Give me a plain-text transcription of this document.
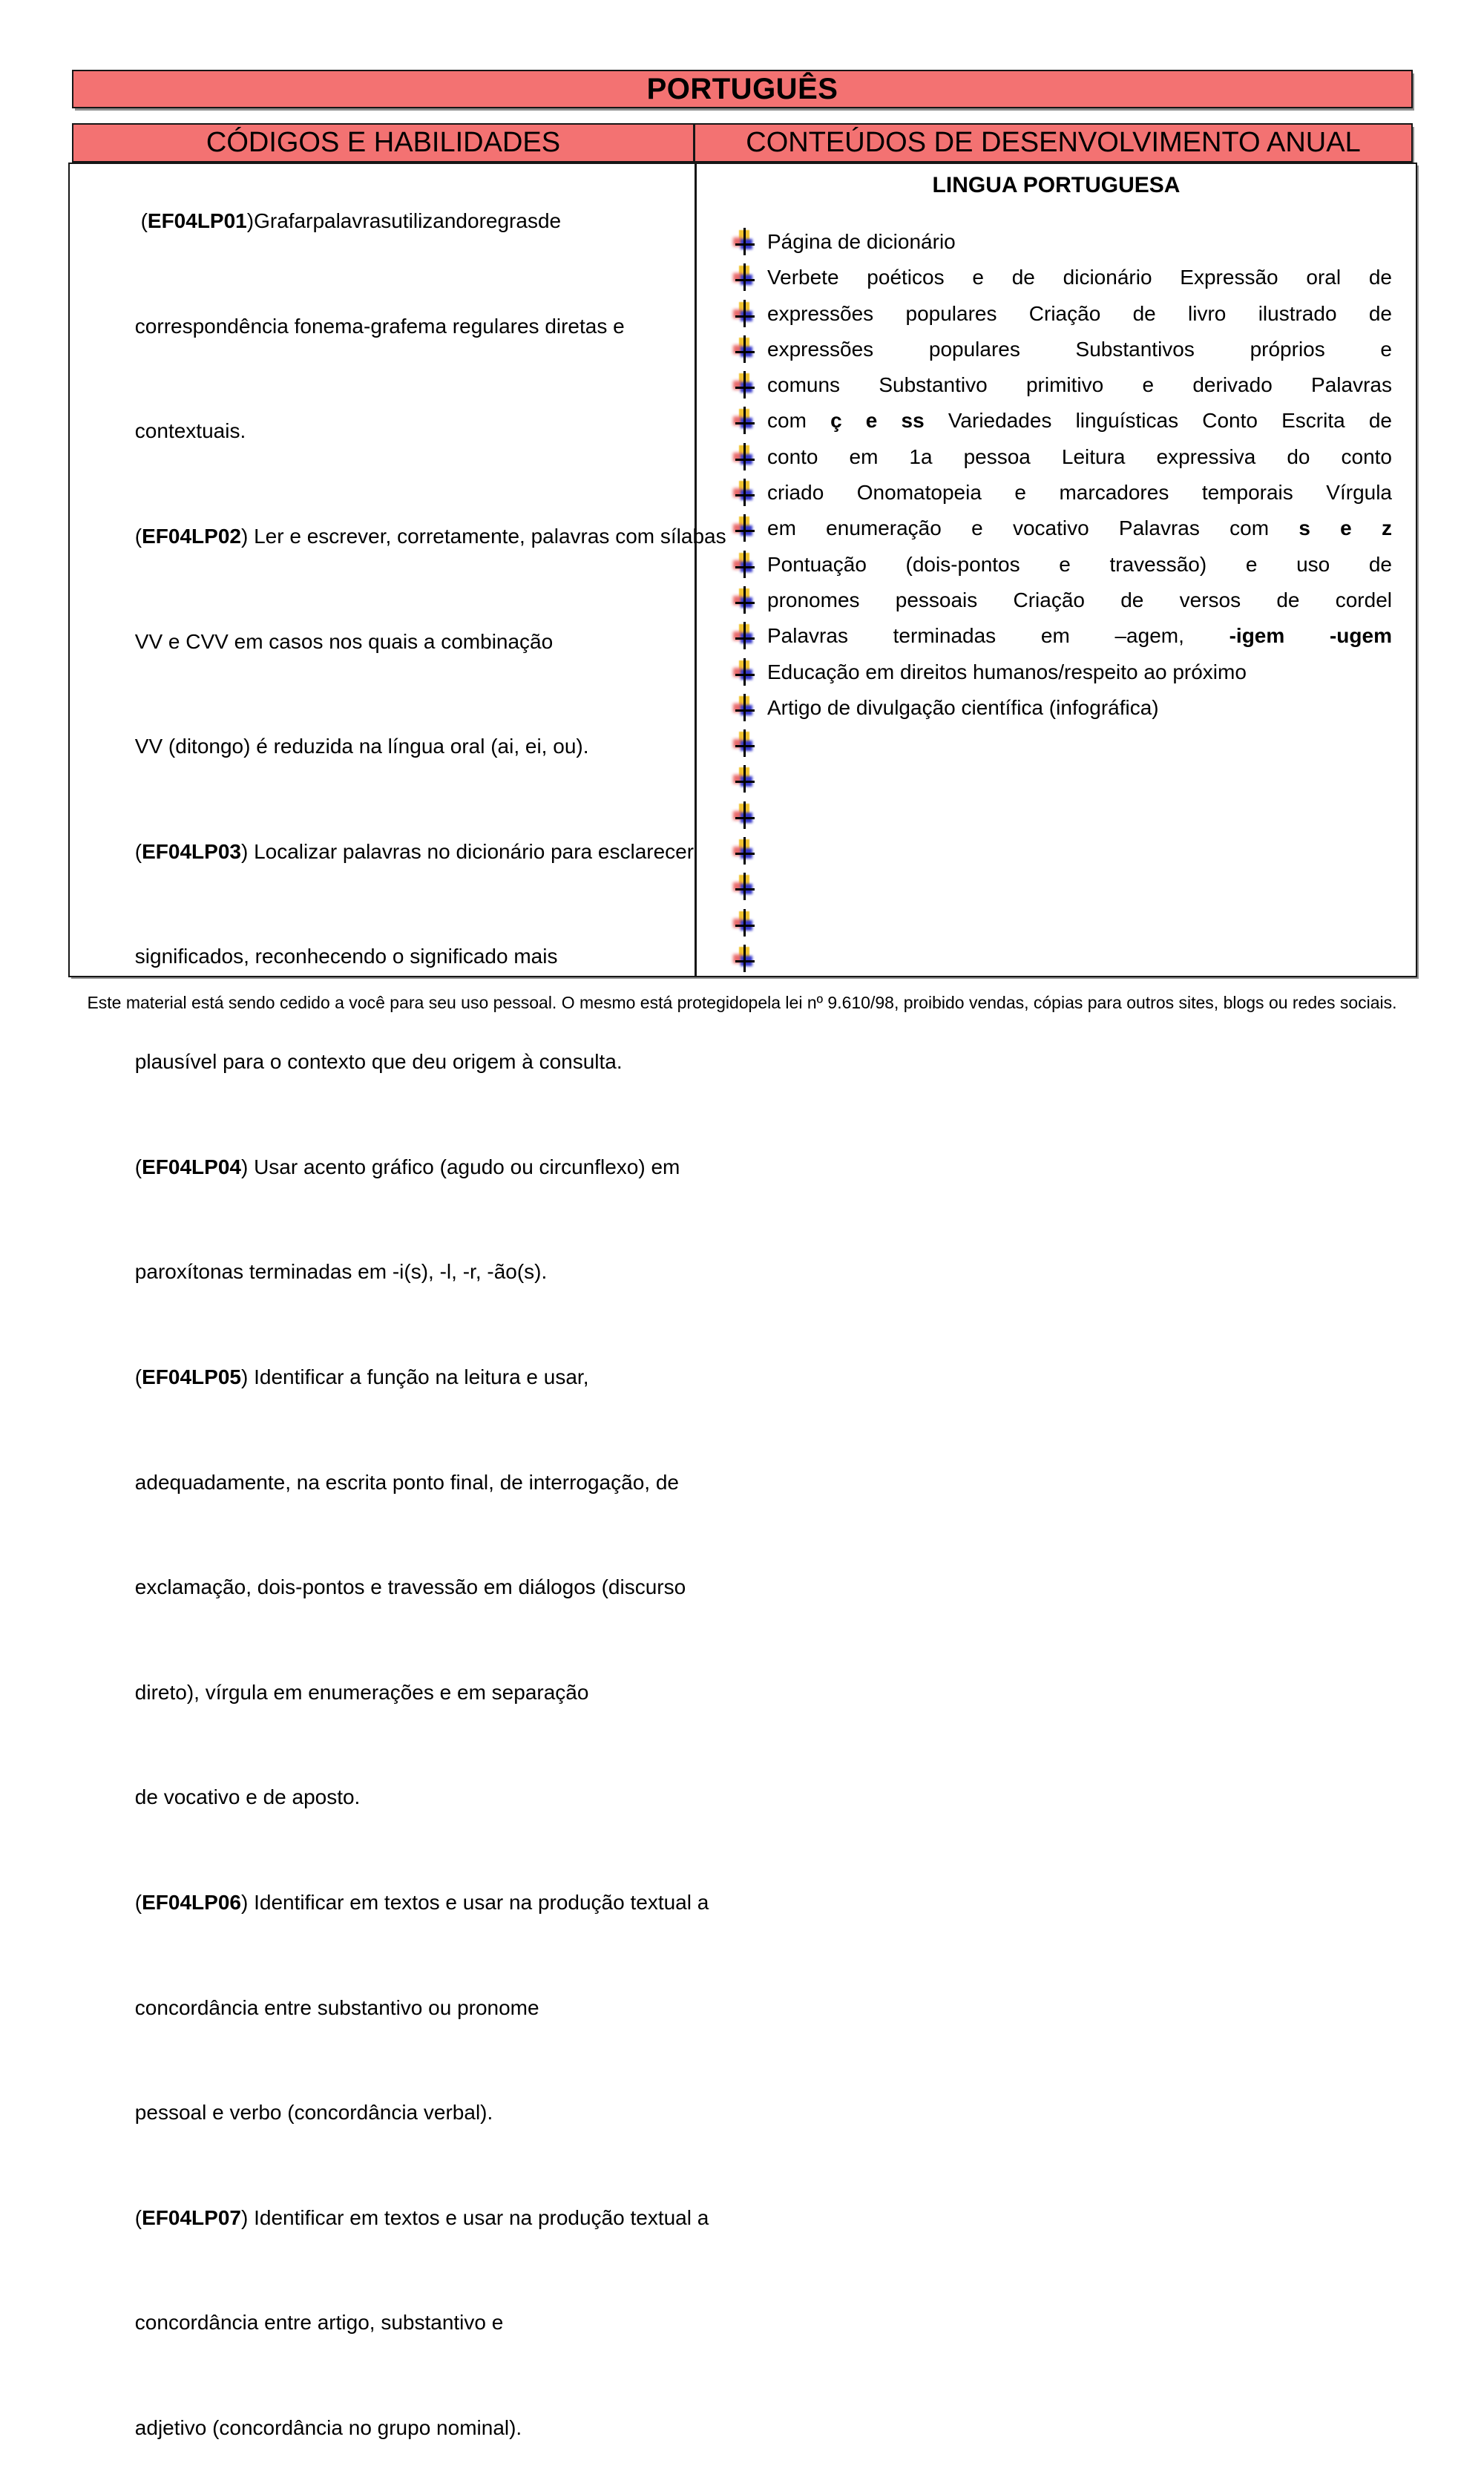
PORTUGUÊS
CÓDIGOS E HABILIDADES	CONTEÚDOS DE DESENVOLVIMENTO ANUAL

(EF04LP01)Grafarpalavrasutilizandoregrasde

correspondência fonema-grafema regulares diretas e

contextuais.

(EF04LP02) Ler e escrever, corretamente, palavras com sílabas

VV e CVV em casos nos quais a combinação

VV (ditongo) é reduzida na língua oral (ai, ei, ou).

(EF04LP03) Localizar palavras no dicionário para esclarecer

significados, reconhecendo o significado mais

plausível para o contexto que deu origem à consulta.

(EF04LP04) Usar acento gráfico (agudo ou circunflexo) em

paroxítonas terminadas em -i(s), -l, -r, -ão(s).

(EF04LP05) Identificar a função na leitura e usar,

adequadamente, na escrita ponto final, de interrogação, de

exclamação, dois-pontos e travessão em diálogos (discurso

direto), vírgula em enumerações e em separação

de vocativo e de aposto.

(EF04LP06) Identificar em textos e usar na produção textual a

concordância entre substantivo ou pronome

pessoal e verbo (concordância verbal).

(EF04LP07) Identificar em textos e usar na produção textual a

concordância entre artigo, substantivo e

adjetivo (concordância no grupo nominal).

LINGUA PORTUGUESA
Página de dicionário
Verbete poéticos e de dicionário Expressão oral de
expressões populares Criação de livro ilustrado de
expressões populares Substantivos próprios e
comuns Substantivo primitivo e derivado Palavras
com ç e ss Variedades linguísticas Conto Escrita de
conto em 1a pessoa Leitura expressiva do conto
criado Onomatopeia e marcadores temporais Vírgula
em enumeração e vocativo Palavras com s e z
Pontuação (dois-pontos e travessão) e uso de
pronomes pessoais Criação de versos de cordel
Palavras terminadas em –agem, -igem -ugem
Educação em direitos humanos/respeito ao próximo
Artigo de divulgação científica (infográfica)
Este material está sendo cedido a você para seu uso pessoal. O mesmo está protegidopela lei nº 9.610/98, proibido vendas, cópias para outros sites, blogs ou redes sociais.
